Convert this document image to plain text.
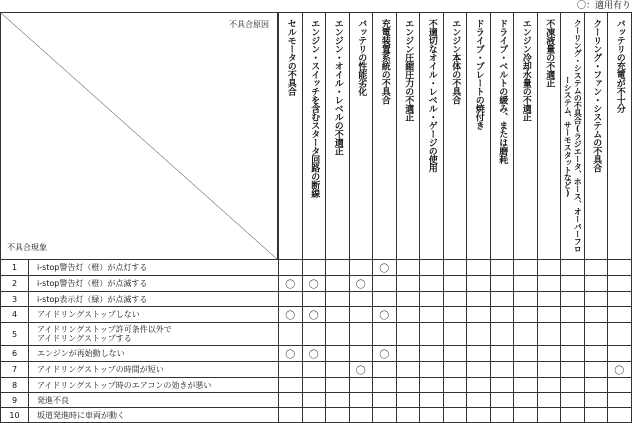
〇：適用有り
不具合原因
不具合現象		セルモータの不具合	エンジン・スイッチを含むスタータ回路の断線	エンジン・オイル・レベルの不適正	バッテリの性能劣化	充電装置系統の不具合	エンジン圧縮圧力の不適正	不適切なオイル・レベル・ゲージの使用	エンジン本体の不具合	ドライブ・プレートの焼付き	ドライブ・ベルトの緩み、または磨耗	エンジン冷却水量の不適正	不凍液量の不適正	クーリング・システムの不具合(ラジエータ、ホース、オーバーフローシステム、サーモスタットなど)	クーリング・ファン・システムの不具合	バッテリの充電が不十分

1	i-stop警告灯（橙）が点灯する					〇										
2	i-stop警告灯（橙）が点滅する	〇	〇		〇											
3	i-stop表示灯（緑）が点滅する															
4	アイドリングストップしない	〇	〇			〇										
5	アイドリングストップ許可条件以外で
アイドリングストップする															
6	エンジンが再始動しない	〇	〇			〇										
7	アイドリングストップの時間が短い				〇											〇
8	アイドリングストップ時のエアコンの効きが悪い															
9	発進不良															
10	坂道発進時に車両が動く															
